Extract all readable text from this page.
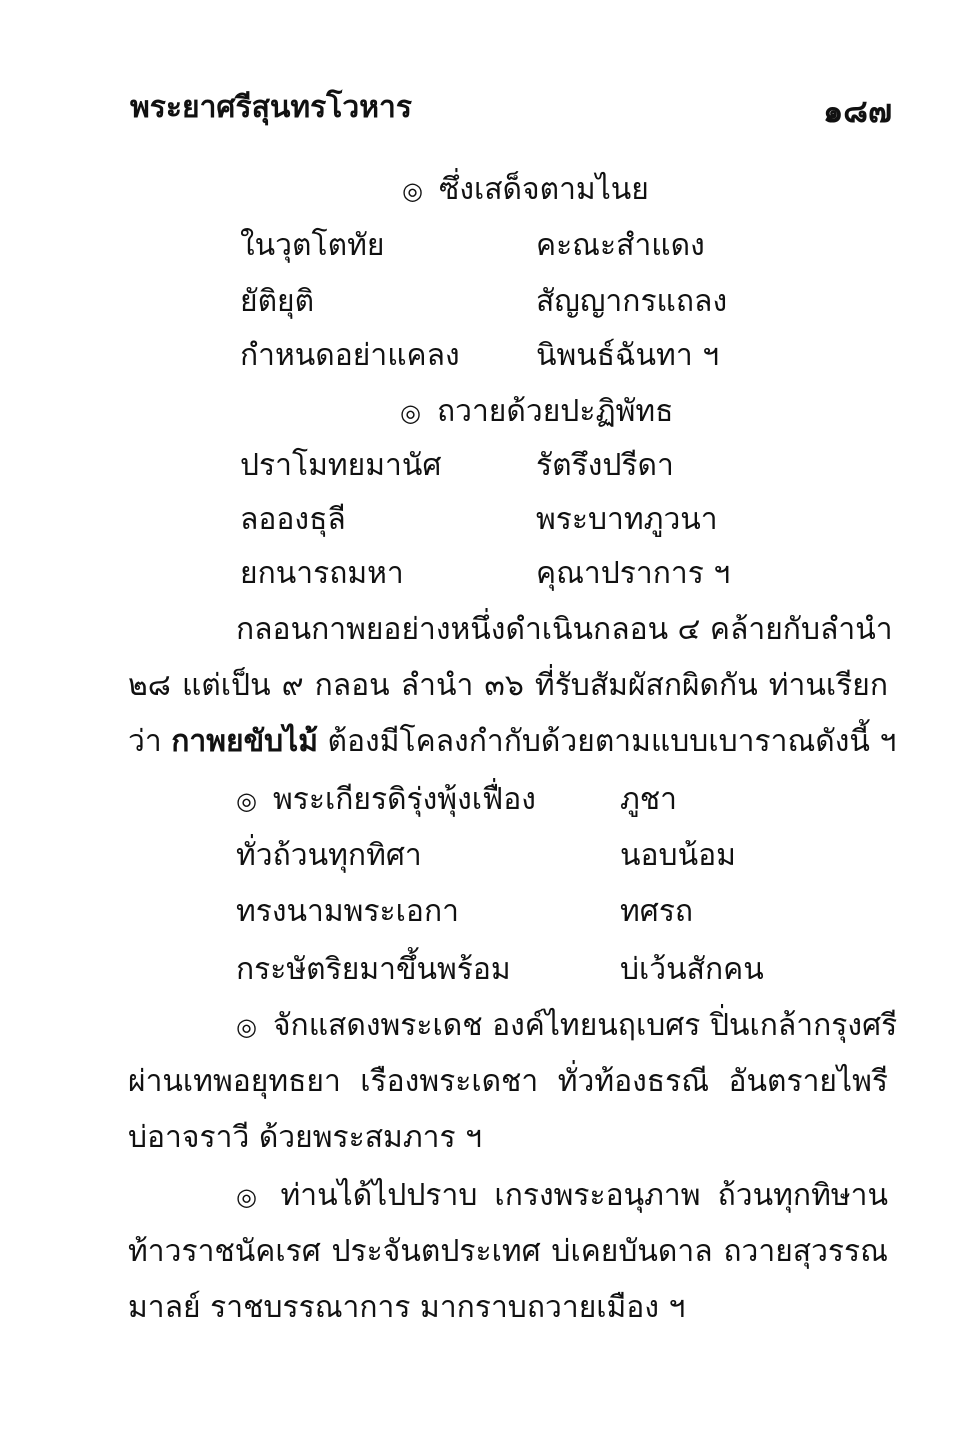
พระยาศรีสุนทรโวหาร	๑๘๗
◎ ซึ่งเสด็จตามไนย
ในวุตโตทัย	คะณะสำแดง
ยัติยุติ	สัญญากรแถลง
กำหนดอย่าแคลง	นิพนธ์ฉันทา ฯ
◎ ถวายด้วยปะฏิพัทธ
ปราโมทยมานัศ	รัตรึงปรีดา
ลอองธุลี	พระบาทภูวนา
ยกนารถมหา	คุณาปราการ ฯ
กลอนกาพยอย่างหนึ่งดำเนินกลอน ๔ คล้ายกับลำนำ
๒๘ แต่เป็น ๙ กลอน ลำนำ ๓๖ ที่รับสัมผัสกผิดกัน ท่านเรียก
ว่า กาพยขับไม้ ต้องมีโคลงกำกับด้วยตามแบบเบาราณดังนี้ ฯ
◎ พระเกียรดิรุ่งพุ้งเฟื่อง	ภูชา
ทั่วถ้วนทุกทิศา	นอบน้อม
ทรงนามพระเอกา	ทศรถ
กระษัตริยมาขึ้นพร้อม	บ่เว้นสักคน
◎ จักแสดงพระเดช องค์ไทยนฤเบศร ปิ่นเกล้ากรุงศรี
ผ่านเทพอยุทธยา เรืองพระเดชา ทั่วท้องธรณี อันตรายไพรี
บ่อาจราวี ด้วยพระสมภาร ฯ
◎ ท่านได้ไปปราบ เกรงพระอนุภาพ ถ้วนทุกทิษาน
ท้าวราชนัคเรศ ประจันตประเทศ บ่เคยบันดาล ถวายสุวรรณ
มาลย์ ราชบรรณาการ มากราบถวายเมือง ฯ
